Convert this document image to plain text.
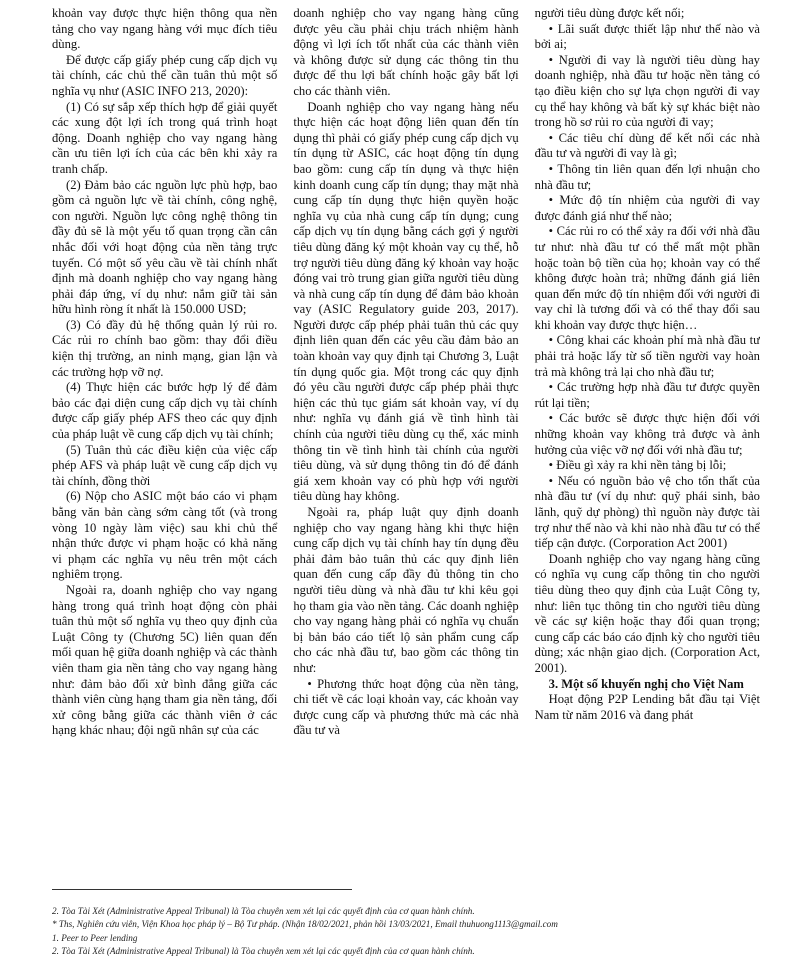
khoản vay được thực hiện thông qua nền tảng cho vay ngang hàng với mục đích tiêu dùng.

Để được cấp giấy phép cung cấp dịch vụ tài chính, các chủ thể cần tuân thủ một số nghĩa vụ như (ASIC INFO 213, 2020):

(1) Có sự sắp xếp thích hợp để giải quyết các xung đột lợi ích trong quá trình hoạt động. Doanh nghiệp cho vay ngang hàng cần ưu tiên lợi ích của các bên khi xảy ra tranh chấp.

(2) Đảm bảo các nguồn lực phù hợp, bao gồm cả nguồn lực về tài chính, công nghệ, con người. Nguồn lực công nghệ thông tin đầy đủ sẽ là một yếu tố quan trọng cần cân nhắc đối với hoạt động của nền tảng trực tuyến. Có một số yêu cầu về tài chính nhất định mà doanh nghiệp cho vay ngang hàng phải đáp ứng, ví dụ như: nắm giữ tài sản hữu hình ròng ít nhất là 150.000 USD;

(3) Có đầy đủ hệ thống quản lý rủi ro. Các rủi ro chính bao gồm: thay đổi điều kiện thị trường, an ninh mạng, gian lận và các trường hợp vỡ nợ.

(4) Thực hiện các bước hợp lý để đảm bảo các đại diện cung cấp dịch vụ tài chính được cấp giấy phép AFS theo các quy định của pháp luật về cung cấp dịch vụ tài chính;

(5) Tuân thủ các điều kiện của việc cấp phép AFS và pháp luật về cung cấp dịch vụ tài chính, đồng thời

(6) Nộp cho ASIC một báo cáo vi phạm bằng văn bản càng sớm càng tốt (và trong vòng 10 ngày làm việc) sau khi chủ thể nhận thức được vi phạm hoặc có khả năng vi phạm các nghĩa vụ nêu trên một cách nghiêm trọng.

Ngoài ra, doanh nghiệp cho vay ngang hàng trong quá trình hoạt động còn phải tuân thủ một số nghĩa vụ theo quy định của Luật Công ty (Chương 5C) liên quan đến mối quan hệ giữa doanh nghiệp và các thành viên tham gia nền tảng cho vay ngang hàng như: đảm bảo đối xử bình đẳng giữa các thành viên cùng hạng tham gia nền tảng, đối xử công bằng giữa các thành viên ở các hạng khác nhau; đội ngũ nhân sự của các

doanh nghiệp cho vay ngang hàng cũng được yêu cầu phải chịu trách nhiệm hành động vì lợi ích tốt nhất của các thành viên và không được sử dụng các thông tin thu được để thu lợi bất chính hoặc gây bất lợi cho các thành viên.

Doanh nghiệp cho vay ngang hàng nếu thực hiện các hoạt động liên quan đến tín dụng thì phải có giấy phép cung cấp dịch vụ tín dụng từ ASIC, các hoạt động tín dụng bao gồm: cung cấp tín dụng và thực hiện kinh doanh cung cấp tín dụng; thay mặt nhà cung cấp tín dụng thực hiện quyền hoặc nghĩa vụ của nhà cung cấp tín dụng; cung cấp dịch vụ tín dụng bằng cách gợi ý người tiêu dùng đăng ký một khoản vay cụ thể, hỗ trợ người tiêu dùng đăng ký khoản vay hoặc đóng vai trò trung gian giữa người tiêu dùng và nhà cung cấp tín dụng để đảm bảo khoản vay (ASIC Regulatory guide 203, 2017). Người được cấp phép phải tuân thủ các quy định liên quan đến các yêu cầu đảm bảo an toàn khoản vay quy định tại Chương 3, Luật tín dụng quốc gia. Một trong các quy định đó yêu cầu người được cấp phép phải thực hiện các thủ tục giám sát khoản vay, ví dụ như: nghĩa vụ đánh giá về tình hình tài chính của người tiêu dùng cụ thể, xác minh thông tin về tình hình tài chính của người tiêu dùng, và sử dụng thông tin đó để đánh giá xem khoản vay có phù hợp với người tiêu dùng hay không.

Ngoài ra, pháp luật quy định doanh nghiệp cho vay ngang hàng khi thực hiện cung cấp dịch vụ tài chính hay tín dụng đều phải đảm bảo tuân thủ các quy định liên quan đến cung cấp đầy đủ thông tin cho người tiêu dùng và nhà đầu tư khi kêu gọi họ tham gia vào nền tảng. Các doanh nghiệp cho vay ngang hàng phải có nghĩa vụ chuẩn bị bản báo cáo tiết lộ sản phẩm cung cấp cho các nhà đầu tư, bao gồm các thông tin như:

• Phương thức hoạt động của nền tảng, chi tiết về các loại khoản vay, các khoản vay được cung cấp và phương thức mà các nhà đầu tư và

người tiêu dùng được kết nối;

• Lãi suất được thiết lập như thế nào và bởi ai;

• Người đi vay là người tiêu dùng hay doanh nghiệp, nhà đầu tư hoặc nền tảng có tạo điều kiện cho sự lựa chọn người đi vay cụ thể hay không và bất kỳ sự khác biệt nào trong hồ sơ rủi ro của người đi vay;

• Các tiêu chí dùng để kết nối các nhà đầu tư và người đi vay là gì;

• Thông tin liên quan đến lợi nhuận cho nhà đầu tư;

• Mức độ tín nhiệm của người đi vay được đánh giá như thế nào;

• Các rủi ro có thể xảy ra đối với nhà đầu tư như: nhà đầu tư có thể mất một phần hoặc toàn bộ tiền của họ; khoản vay có thể không được hoàn trả; những đánh giá liên quan đến mức độ tín nhiệm đối với người đi vay chỉ là tương đối và có thể thay đổi sau khi khoản vay được thực hiện…

• Công khai các khoản phí mà nhà đầu tư phải trả hoặc lấy từ số tiền người vay hoàn trả mà không trả lại cho nhà đầu tư;

• Các trường hợp nhà đầu tư được quyền rút lại tiền;

• Các bước sẽ được thực hiện đối với những khoản vay không trả được và ảnh hưởng của việc vỡ nợ đối với nhà đầu tư;

• Điều gì xảy ra khi nền tảng bị lỗi;

• Nếu có nguồn bảo vệ cho tổn thất của nhà đầu tư (ví dụ như: quỹ phái sinh, bảo lãnh, quỹ dự phòng) thì nguồn này được tài trợ như thế nào và khi nào nhà đầu tư có thể tiếp cận được. (Corporation Act 2001)

Doanh nghiệp cho vay ngang hàng cũng có nghĩa vụ cung cấp thông tin cho người tiêu dùng theo quy định của Luật Công ty, như: liên tục thông tin cho người tiêu dùng về các sự kiện hoặc thay đổi quan trọng; cung cấp các báo cáo định kỳ cho người tiêu dùng; xác nhận giao dịch. (Corporation Act, 2001).

3. Một số khuyến nghị cho Việt Nam

Hoạt động P2P Lending bắt đầu tại Việt Nam từ năm 2016 và đang phát

2. Tòa Tài Xét (Administrative Appeal Tribunal) là Tòa chuyên xem xét lại các quyết định của cơ quan hành chính.
* Ths, Nghiên cứu viên, Viện Khoa học pháp lý – Bộ Tư pháp. (Nhận 18/02/2021, phản hồi 13/03/2021, Email thuhuong1113@gmail.com
1. Peer to Peer lending
2. Tòa Tài Xét (Administrative Appeal Tribunal) là Tòa chuyên xem xét lại các quyết định của cơ quan hành chính.
